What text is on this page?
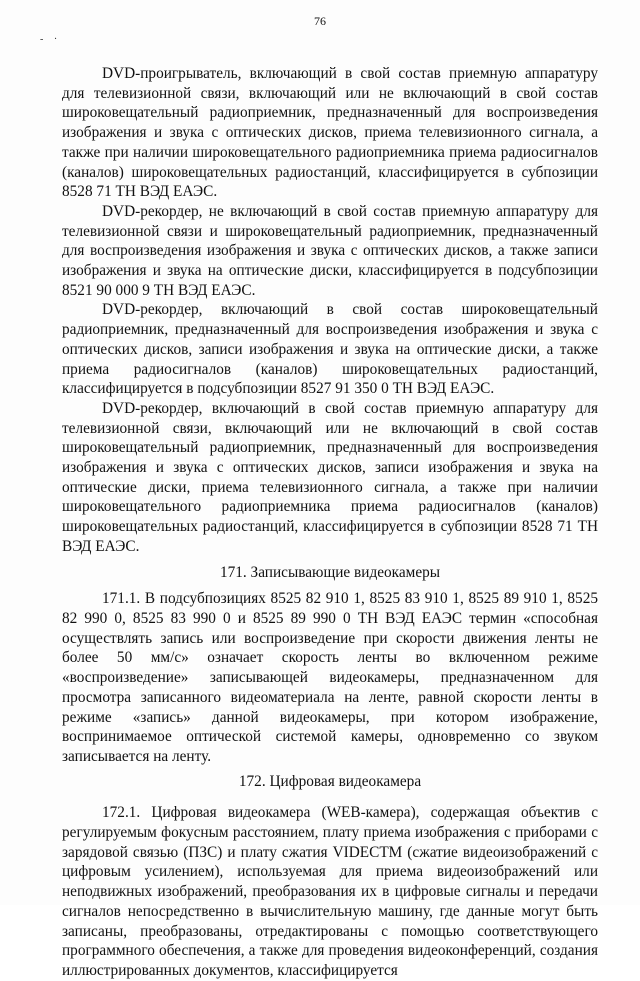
76
- ·

DVD-проигрыватель, включающий в свой состав приемную аппаратуру для телевизионной связи, включающий или не включающий в свой состав широковещательный радиоприемник, предназначенный для воспроизведения изображения и звука с оптических дисков, приема телевизионного сигнала, а также при наличии широковещательного радиоприемника приема радиосигналов (каналов) широковещательных радиостанций, классифицируется в субпозиции 8528 71 ТН ВЭД ЕАЭС.

DVD-рекордер, не включающий в свой состав приемную аппаратуру для телевизионной связи и широковещательный радиоприемник, предназначенный для воспроизведения изображения и звука с оптических дисков, а также записи изображения и звука на оптические диски, классифицируется в подсубпозиции 8521 90 000 9 ТН ВЭД ЕАЭС.

DVD-рекордер, включающий в свой состав широковещательный радиоприемник, предназначенный для воспроизведения изображения и звука с оптических дисков, записи изображения и звука на оптические диски, а также приема радиосигналов (каналов) широковещательных радиостанций, классифицируется в подсубпозиции 8527 91 350 0 ТН ВЭД ЕАЭС.

DVD-рекордер, включающий в свой состав приемную аппаратуру для телевизионной связи, включающий или не включающий в свой состав широковещательный радиоприемник, предназначенный для воспроизведения изображения и звука с оптических дисков, записи изображения и звука на оптические диски, приема телевизионного сигнала, а также при наличии широковещательного радиоприемника приема радиосигналов (каналов) широковещательных радиостанций, классифицируется в субпозиции 8528 71 ТН ВЭД ЕАЭС.

171. Записывающие видеокамеры

171.1. В подсубпозициях 8525 82 910 1, 8525 83 910 1, 8525 89 910 1, 8525 82 990 0, 8525 83 990 0 и 8525 89 990 0 ТН ВЭД ЕАЭС термин «способная осуществлять запись или воспроизведение при скорости движения ленты не более 50 мм/с» означает скорость ленты во включенном режиме «воспроизведение» записывающей видеокамеры, предназначенном для просмотра записанного видеоматериала на ленте, равной скорости ленты в режиме «запись» данной видеокамеры, при котором изображение, воспринимаемое оптической системой камеры, одновременно со звуком записывается на ленту.

172. Цифровая видеокамера

172.1. Цифровая видеокамера (WEB-камера), содержащая объектив с регулируемым фокусным расстоянием, плату приема изображения с приборами с зарядовой связью (ПЗС) и плату сжатия VIDECTM (сжатие видеоизображений с цифровым усилением), используемая для приема видеоизображений или неподвижных изображений, преобразования их в цифровые сигналы и передачи сигналов непосредственно в вычислительную машину, где данные могут быть записаны, преобразованы, отредактированы с помощью соответствующего программного обеспечения, а также для проведения видеоконференций, создания иллюстрированных документов, классифицируется
